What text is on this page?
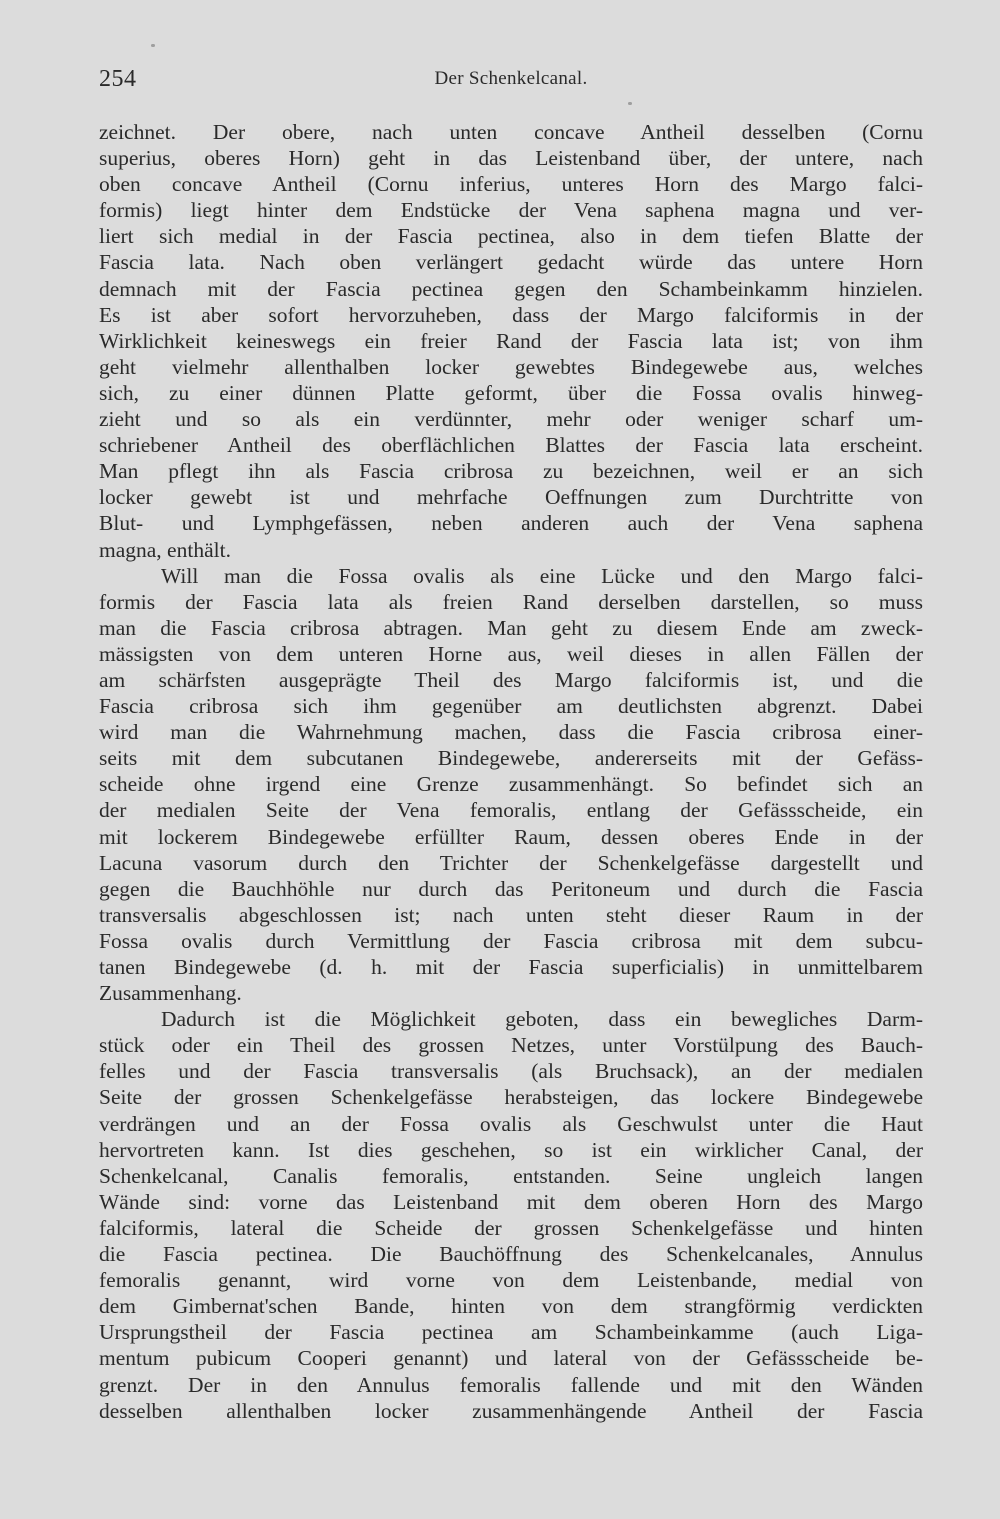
254	Der Schenkelcanal.
zeichnet. Der obere, nach unten concave Antheil desselben (Cornu
superius, oberes Horn) geht in das Leistenband über, der untere, nach
oben concave Antheil (Cornu inferius, unteres Horn des Margo falci-
formis) liegt hinter dem Endstücke der Vena saphena magna und ver-
liert sich medial in der Fascia pectinea, also in dem tiefen Blatte der
Fascia lata. Nach oben verlängert gedacht würde das untere Horn
demnach mit der Fascia pectinea gegen den Schambeinkamm hinzielen.
Es ist aber sofort hervorzuheben, dass der Margo falciformis in der
Wirklichkeit keineswegs ein freier Rand der Fascia lata ist; von ihm
geht vielmehr allenthalben locker gewebtes Bindegewebe aus, welches
sich, zu einer dünnen Platte geformt, über die Fossa ovalis hinweg-
zieht und so als ein verdünnter, mehr oder weniger scharf um-
schriebener Antheil des oberflächlichen Blattes der Fascia lata erscheint.
Man pflegt ihn als Fascia cribrosa zu bezeichnen, weil er an sich
locker gewebt ist und mehrfache Oeffnungen zum Durchtritte von
Blut- und Lymphgefässen, neben anderen auch der Vena saphena
magna, enthält.
Will man die Fossa ovalis als eine Lücke und den Margo falci-
formis der Fascia lata als freien Rand derselben darstellen, so muss
man die Fascia cribrosa abtragen. Man geht zu diesem Ende am zweck-
mässigsten von dem unteren Horne aus, weil dieses in allen Fällen der
am schärfsten ausgeprägte Theil des Margo falciformis ist, und die
Fascia cribrosa sich ihm gegenüber am deutlichsten abgrenzt. Dabei
wird man die Wahrnehmung machen, dass die Fascia cribrosa einer-
seits mit dem subcutanen Bindegewebe, andererseits mit der Gefäss-
scheide ohne irgend eine Grenze zusammenhängt. So befindet sich an
der medialen Seite der Vena femoralis, entlang der Gefässscheide, ein
mit lockerem Bindegewebe erfüllter Raum, dessen oberes Ende in der
Lacuna vasorum durch den Trichter der Schenkelgefässe dargestellt und
gegen die Bauchhöhle nur durch das Peritoneum und durch die Fascia
transversalis abgeschlossen ist; nach unten steht dieser Raum in der
Fossa ovalis durch Vermittlung der Fascia cribrosa mit dem subcu-
tanen Bindegewebe (d. h. mit der Fascia superficialis) in unmittelbarem
Zusammenhang.
Dadurch ist die Möglichkeit geboten, dass ein bewegliches Darm-
stück oder ein Theil des grossen Netzes, unter Vorstülpung des Bauch-
felles und der Fascia transversalis (als Bruchsack), an der medialen
Seite der grossen Schenkelgefässe herabsteigen, das lockere Bindegewebe
verdrängen und an der Fossa ovalis als Geschwulst unter die Haut
hervortreten kann. Ist dies geschehen, so ist ein wirklicher Canal, der
Schenkelcanal, Canalis femoralis, entstanden. Seine ungleich langen
Wände sind: vorne das Leistenband mit dem oberen Horn des Margo
falciformis, lateral die Scheide der grossen Schenkelgefässe und hinten
die Fascia pectinea. Die Bauchöffnung des Schenkelcanales, Annulus
femoralis genannt, wird vorne von dem Leistenbande, medial von
dem Gimbernat'schen Bande, hinten von dem strangförmig verdickten
Ursprungstheil der Fascia pectinea am Schambeinkamme (auch Liga-
mentum pubicum Cooperi genannt) und lateral von der Gefässscheide be-
grenzt. Der in den Annulus femoralis fallende und mit den Wänden
desselben allenthalben locker zusammenhängende Antheil der Fascia
